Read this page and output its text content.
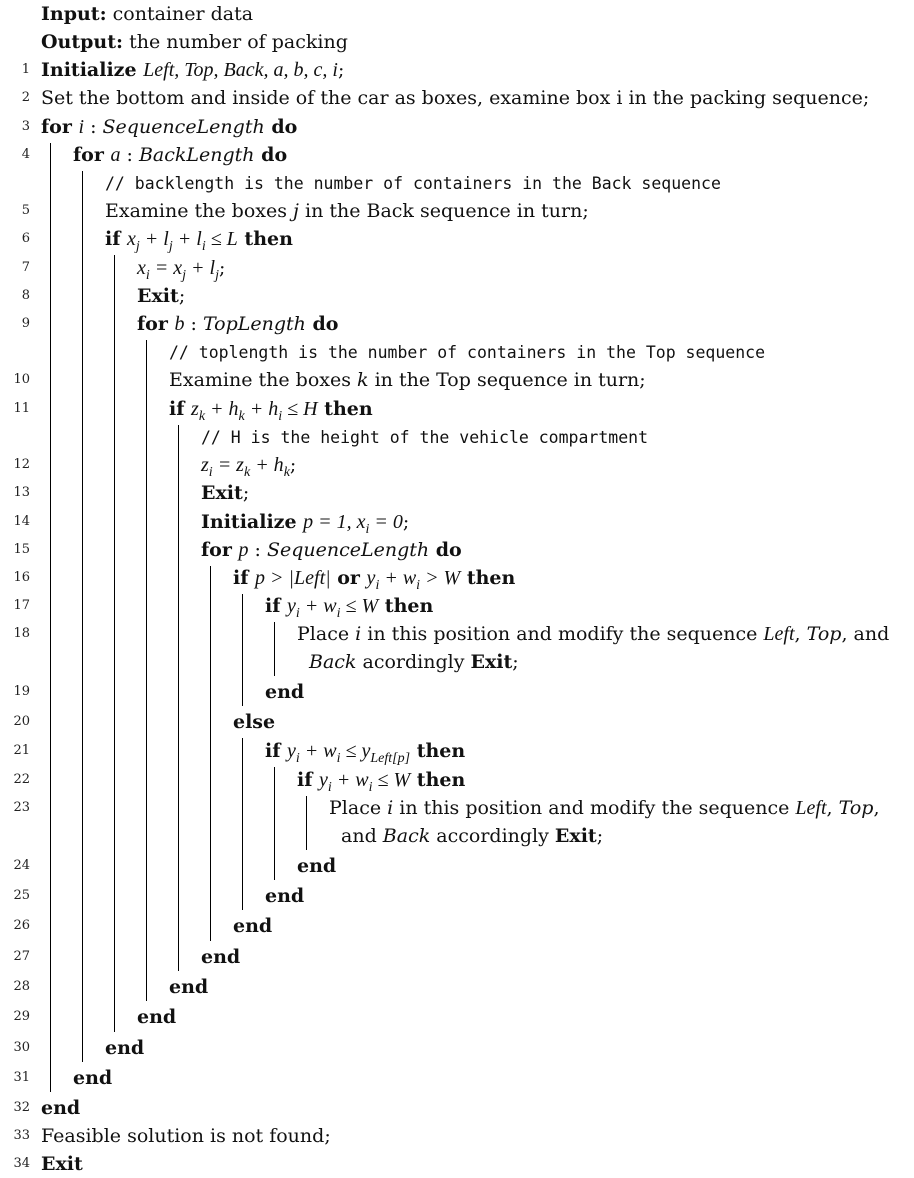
Input: container data
Output: the number of packing
1 Initialize Left, Top, Back, a, b, c, i;
2 Set the bottom and inside of the car as boxes, examine box i in the packing sequence;
3 for i : SequenceLength do
4 for a : BackLength do
// backlength is the number of containers in the Back sequence
5	Examine the boxes j in the Back sequence in turn;
6	if $x_j + l_j + l_i \le L$ then
7	$x_i = x_j + l_j$;
8	Exit;
9	for b : TopLength do
// toplength is the number of containers in the Top sequence
10	Examine the boxes k in the Top sequence in turn;
11	if $z_k + h_k + h_i \le H$ then
// H is the height of the vehicle compartment
12	$z_i = z_k + h_k$;
13	Exit;
14	Initialize p = 1, $x_i = 0$;
15	for p : SequenceLength do
16	if p > |Left| or $y_i + w_i > W$ then
17	if $y_i + w_i \le W$ then
18	Place i in this position and modify the sequence Left, Top, and
Back acordingly Exit;
19	end
20	else
21	if $y_i + w_i \le y_{Left[p]}$ then
22	if $y_i + w_i \le W$ then
23	Place i in this position and modify the sequence Left, Top,
and Back accordingly Exit;
24	end
25	end
26	end
27	end
28	end
29	end
30	end
31 end
32 end
33 Feasible solution is not found;
34 Exit
